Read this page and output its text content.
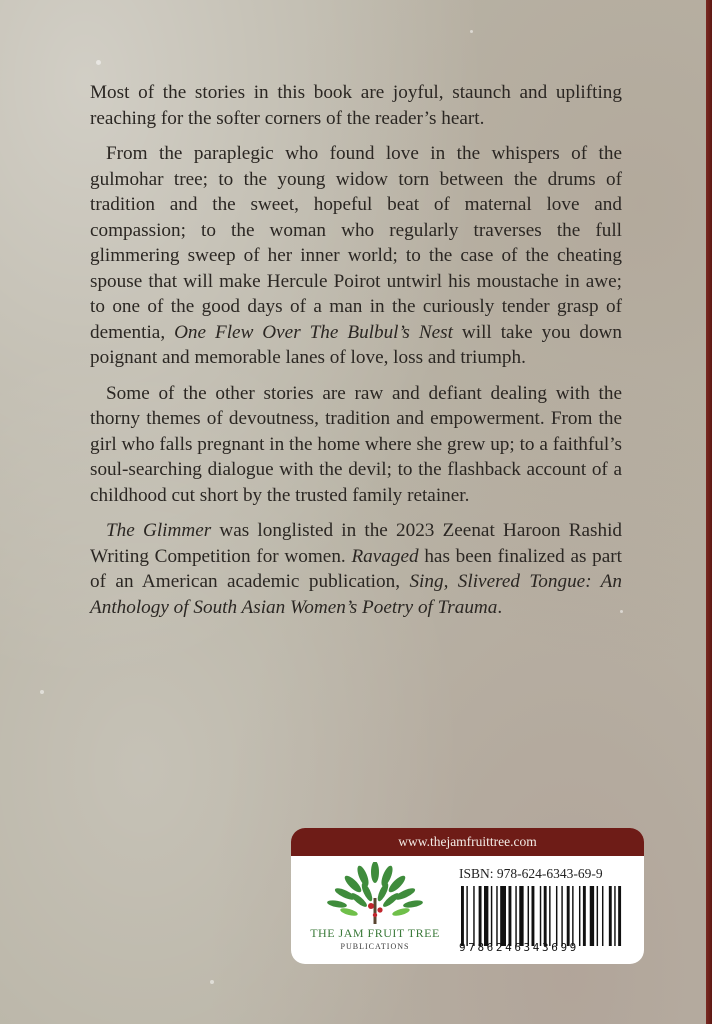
Most of the stories in this book are joyful, staunch and uplifting reaching for the softer corners of the reader’s heart.

From the paraplegic who found love in the whispers of the gulmohar tree; to the young widow torn between the drums of tradition and the sweet, hopeful beat of maternal love and compassion; to the woman who regularly traverses the full glimmering sweep of her inner world; to the case of the cheating spouse that will make Hercule Poirot untwirl his moustache in awe; to one of the good days of a man in the curiously tender grasp of dementia, One Flew Over The Bulbul’s Nest will take you down poignant and memorable lanes of love, loss and triumph.

Some of the other stories are raw and defiant dealing with the thorny themes of devoutness, tradition and empowerment. From the girl who falls pregnant in the home where she grew up; to a faithful’s soul-searching dialogue with the devil; to the flashback account of a childhood cut short by the trusted family retainer.

The Glimmer was longlisted in the 2023 Zeenat Haroon Rashid Writing Competition for women. Ravaged has been finalized as part of an American academic publication, Sing, Slivered Tongue: An Anthology of South Asian Women’s Poetry of Trauma.

www.thejamfruittree.com
THE JAM FRUIT TREE
PUBLICATIONS
ISBN: 978-624-6343-69-9
9786246343699
